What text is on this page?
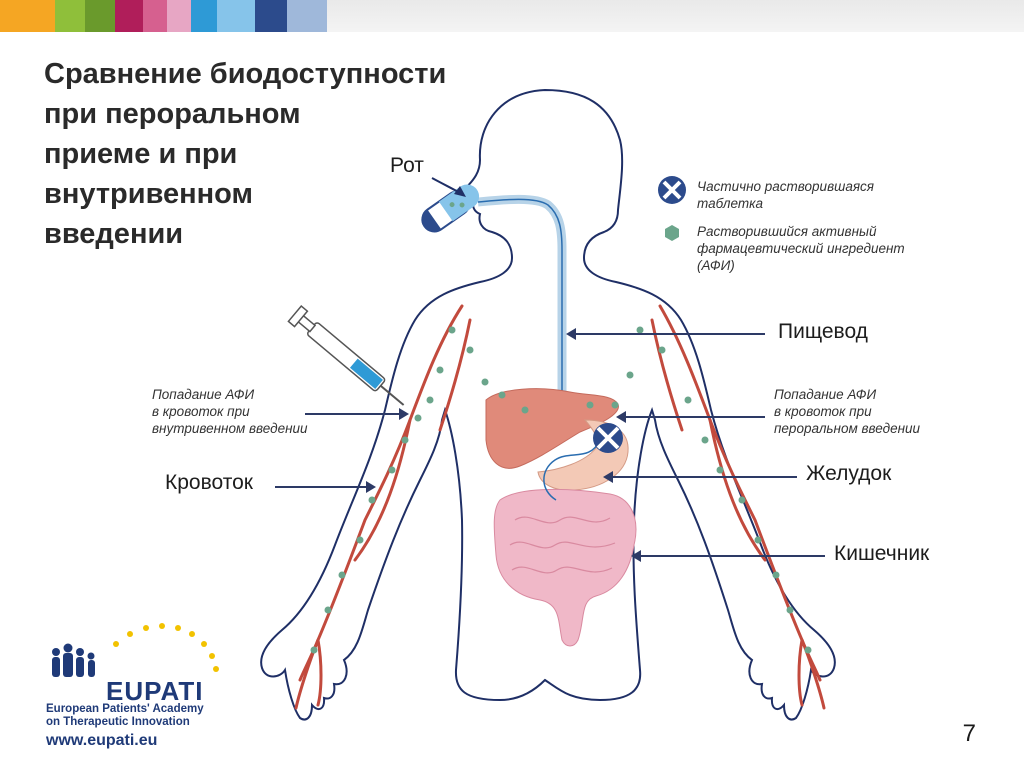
Сравнение биодоступности
при пероральном
приеме и при
внутривенном
введении
Рот
Пищевод
Попадание АФИ
в кровоток при
пероральном введении
Желудок
Кишечник
Попадание АФИ
в кровоток при
внутривенном введении
Кровоток
Частично растворившаяся
таблетка
Растворившийся активный
фармацевтический ингредиент
(АФИ)
EUPATI
European Patients' Academy
on Therapeutic Innovation
www.eupati.eu	7
